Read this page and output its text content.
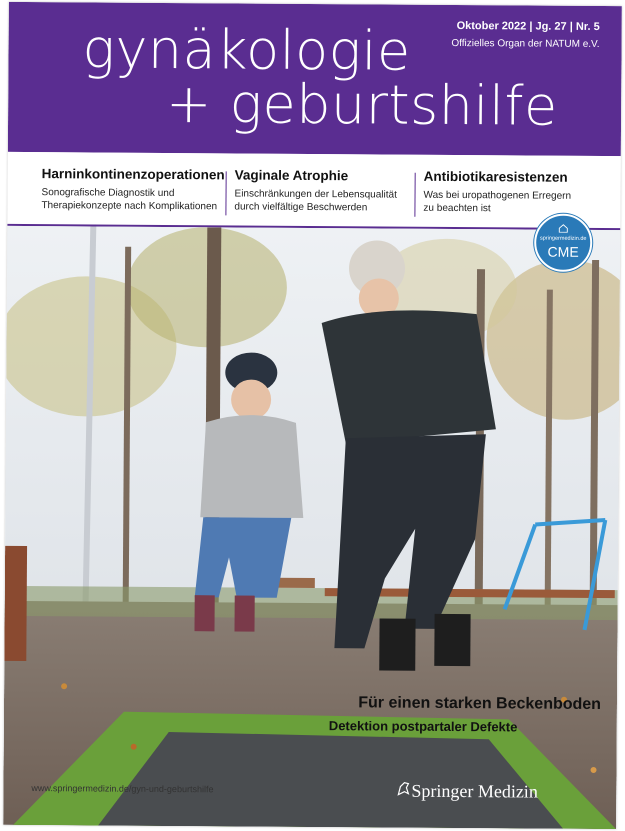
gynäkologie
+ geburtshilfe
Oktober 2022 | Jg. 27 | Nr. 5
Offizielles Organ der NATUM e.V.
Harninkontinenzoperationen

Sonografische Diagnostik und

Therapiekonzepte nach Komplikationen

Vaginale Atrophie

Einschränkungen der Lebensqualität

durch vielfältige Beschwerden

Antibiotikaresistenzen

Was bei uropathogenen Erregern

zu beachten ist

springermedizin.de
CME
Für einen starken Beckenboden
Detektion postpartaler Defekte
www.springermedizin.de/gyn-und-geburtshilfe	Springer Medizin
